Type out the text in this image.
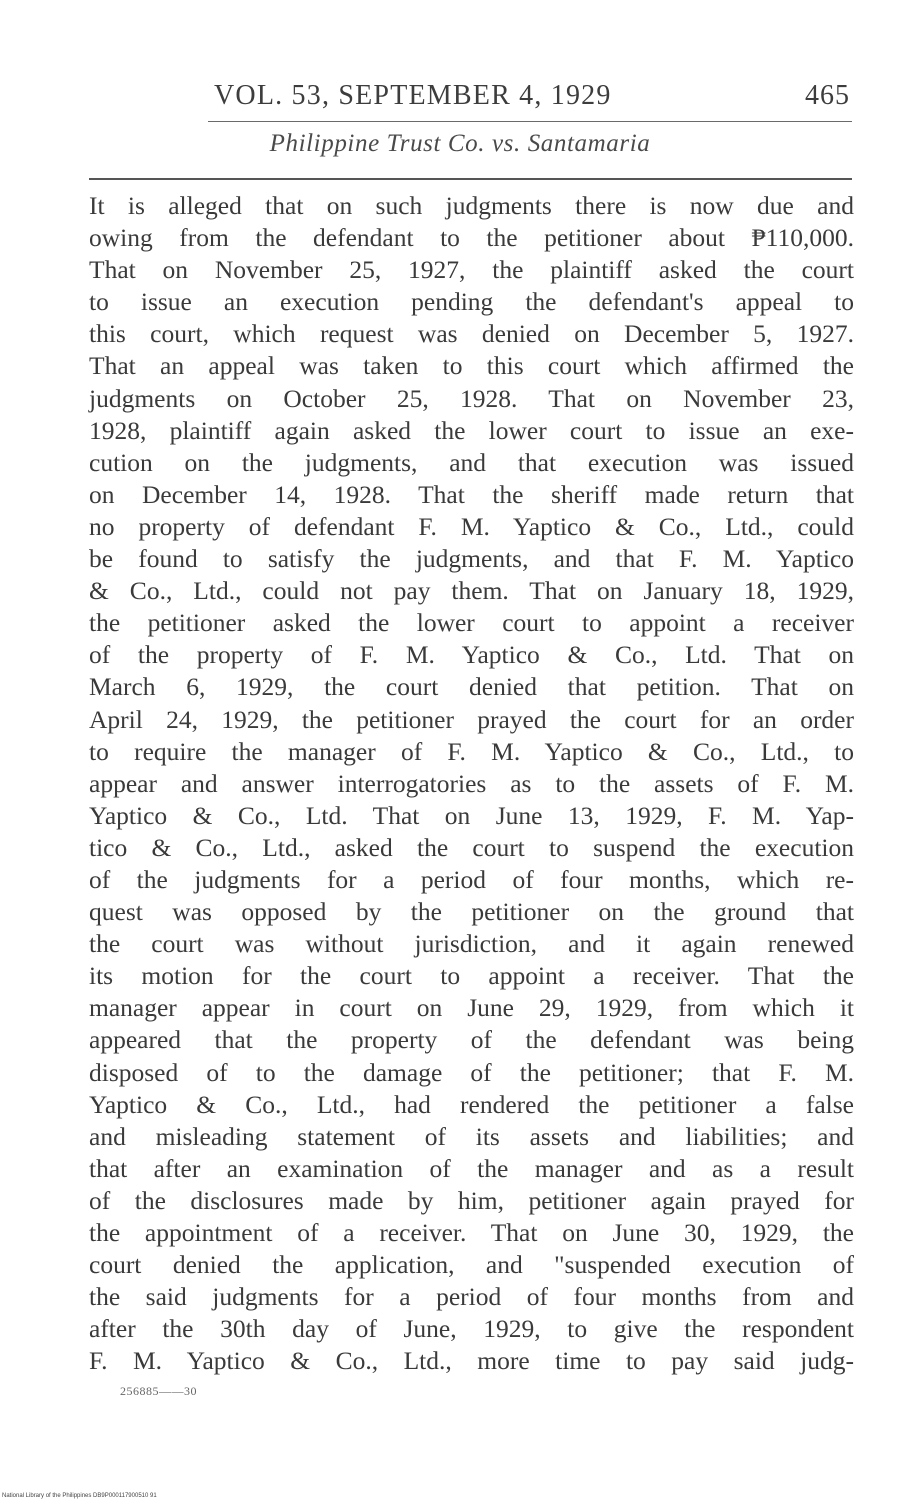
VOL. 53, SEPTEMBER 4, 1929	465
Philippine Trust Co. vs. Santamaria
It is alleged that on such judgments there is now due and
owing from the defendant to the petitioner about ₱110,000.
That on November 25, 1927, the plaintiff asked the court
to issue an execution pending the defendant's appeal to
this court, which request was denied on December 5, 1927.
That an appeal was taken to this court which affirmed the
judgments on October 25, 1928. That on November 23,
1928, plaintiff again asked the lower court to issue an exe-
cution on the judgments, and that execution was issued
on December 14, 1928. That the sheriff made return that
no property of defendant F. M. Yaptico & Co., Ltd., could
be found to satisfy the judgments, and that F. M. Yaptico
& Co., Ltd., could not pay them. That on January 18, 1929,
the petitioner asked the lower court to appoint a receiver
of the property of F. M. Yaptico & Co., Ltd. That on
March 6, 1929, the court denied that petition. That on
April 24, 1929, the petitioner prayed the court for an order
to require the manager of F. M. Yaptico & Co., Ltd., to
appear and answer interrogatories as to the assets of F. M.
Yaptico & Co., Ltd. That on June 13, 1929, F. M. Yap-
tico & Co., Ltd., asked the court to suspend the execution
of the judgments for a period of four months, which re-
quest was opposed by the petitioner on the ground that
the court was without jurisdiction, and it again renewed
its motion for the court to appoint a receiver. That the
manager appear in court on June 29, 1929, from which it
appeared that the property of the defendant was being
disposed of to the damage of the petitioner; that F. M.
Yaptico & Co., Ltd., had rendered the petitioner a false
and misleading statement of its assets and liabilities; and
that after an examination of the manager and as a result
of the disclosures made by him, petitioner again prayed for
the appointment of a receiver. That on June 30, 1929, the
court denied the application, and "suspended execution of
the said judgments for a period of four months from and
after the 30th day of June, 1929, to give the respondent
F. M. Yaptico & Co., Ltd., more time to pay said judg-
256885——30
National Library of the Philippines DB9P000117900510 91
